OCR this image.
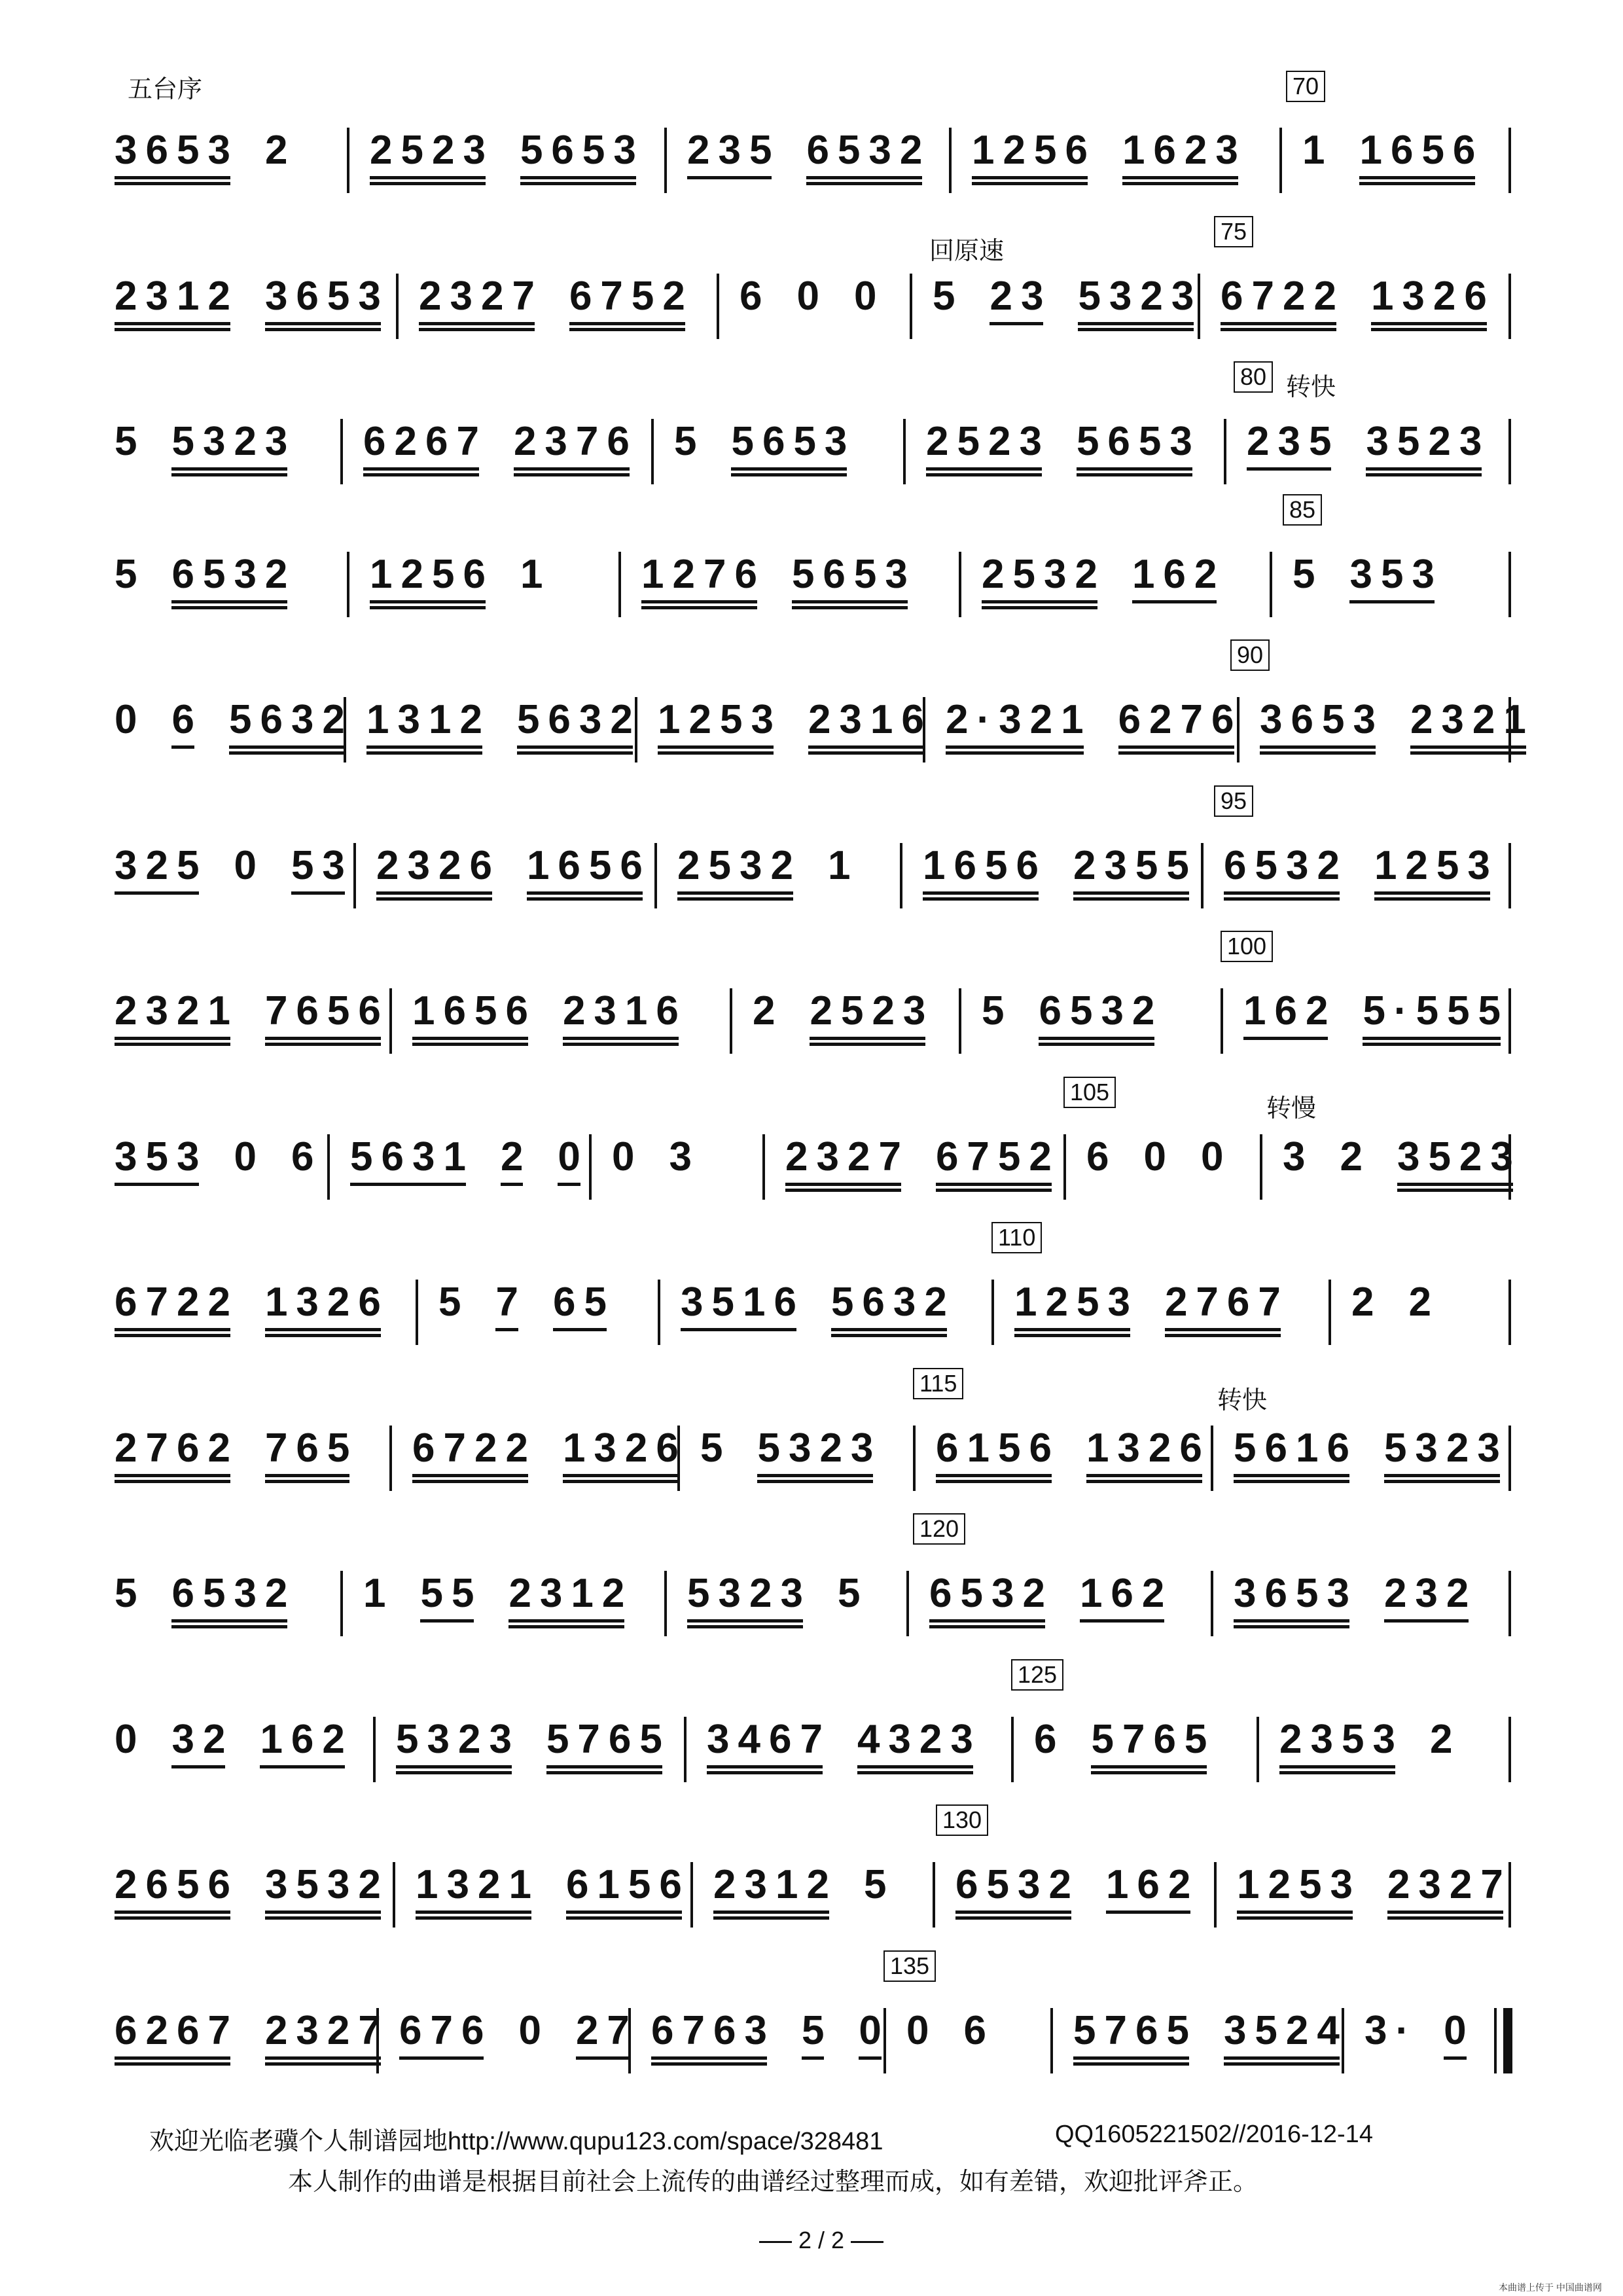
五台序
3653 2 2523 5653 235 6532 1256 1623 1 1656
2312 3653 2327 6752 6 0 0 5 23 5323 6722 1326
5 5323 6267 2376 5 5653 2523 5653 235 3523
5 6532 1256 1 1276 5653 2532 162 5 353
0 6 5632 1312 5632 1253 2316 2·321 6276 3653 2321
325 0 53 2326 1656 2532 1 1656 2355 6532 1253
2321 7656 1656 2316 2 2523 5 6532 162 5·555
353 0 6 5631 2 0 0 3 2327 6752 6 0 0 3 2 3523
6722 1326 5 7 65 3516 5632 1253 2767 2 2
2762 765 6722 1326 5 5323 6156 1326 5616 5323
5 6532 1 55 2312 5323 5 6532 162 3653 232
0 32 162 5323 5765 3467 4323 6 5765 2353 2
2656 3532 1321 6156 2312 5 6532 162 1253 2327
6267 2327 676 0 27 6763 5 0 0 6 5765 3524 3· 0
70
75
80
85
90
95
100
105
110
115
120
125
130
135
回原速
转快
转慢
转快
欢迎光临老骥个人制谱园地http://www.qupu123.com/space/328481	QQ1605221502//2016-12-14
本人制作的曲谱是根据目前社会上流传的曲谱经过整理而成，如有差错，欢迎批评斧正。
2 / 2
本曲谱上传于 中国曲谱网
